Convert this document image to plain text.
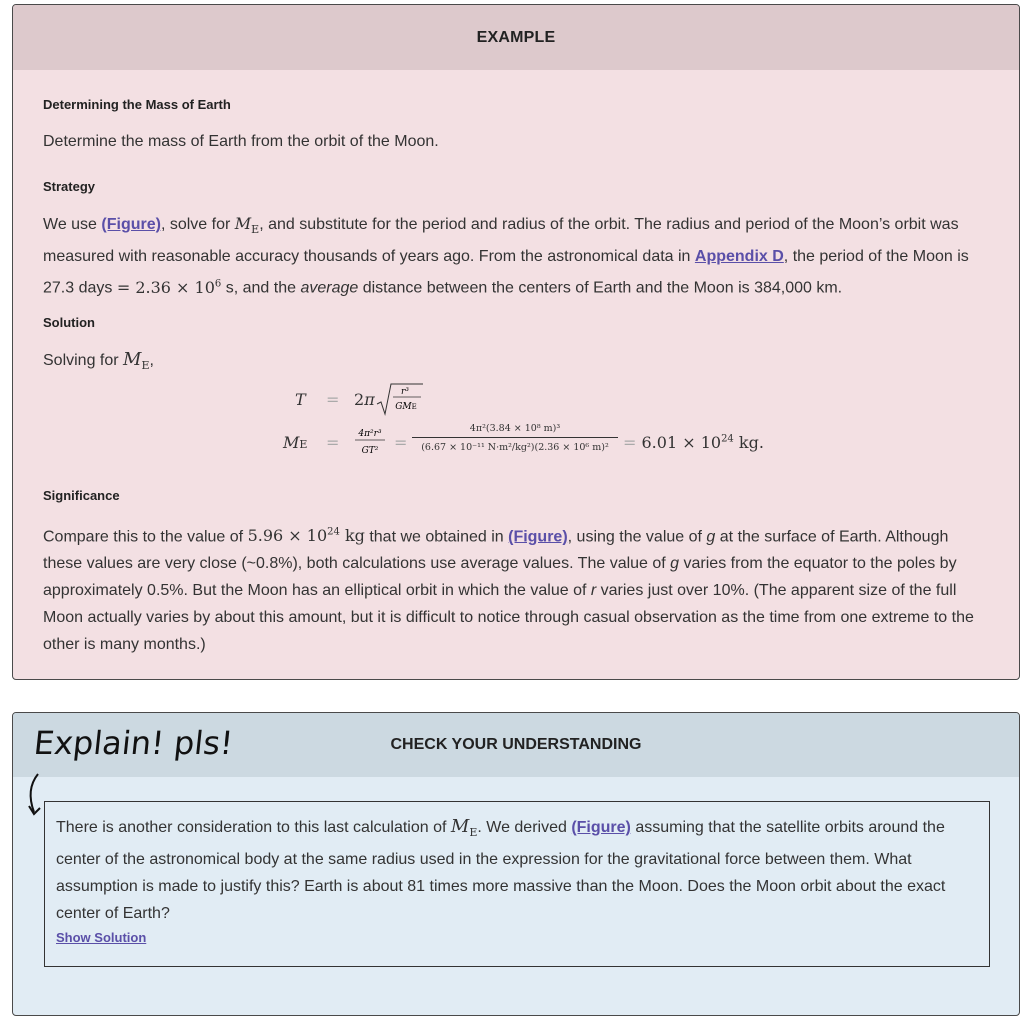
EXAMPLE
Determining the Mass of Earth
Determine the mass of Earth from the orbit of the Moon.
Strategy
We use (Figure), solve for $M_E$, and substitute for the period and radius of the orbit. The radius and period of the Moon’s orbit was measured with reasonable accuracy thousands of years ago. From the astronomical data in Appendix D, the period of the Moon is 27.3 days = $2.36 \times 10^6$ s, and the average distance between the centers of Earth and the Moon is 384,000 km.
Solution
Solving for $M_E$,
T = 2π	r³
GME
ME = 4π²r³
$GT^2 = \frac{\text{4π²(3.84 × 10⁸ m)³}}{\text{(6.67 × 10⁻¹¹ N·m²/kg²)(2.36 × 10⁶ m)²}} = 6.01 \times 10^{24}$ kg.
Significance
Compare this to the value of $5.96 \times 10^{24}$ kg that we obtained in (Figure), using the value of g at the surface of Earth. Although these values are very close (~0.8%), both calculations use average values. The value of g varies from the equator to the poles by approximately 0.5%. But the Moon has an elliptical orbit in which the value of r varies just over 10%. (The apparent size of the full Moon actually varies by about this amount, but it is difficult to notice through casual observation as the time from one extreme to the other is many months.)
CHECK YOUR UNDERSTANDING
There is another consideration to this last calculation of $M_E$. We derived (Figure) assuming that the satellite orbits around the center of the astronomical body at the same radius used in the expression for the gravitational force between them. What assumption is made to justify this? Earth is about 81 times more massive than the Moon. Does the Moon orbit about the exact center of Earth?
Show Solution
Explain! pls!
